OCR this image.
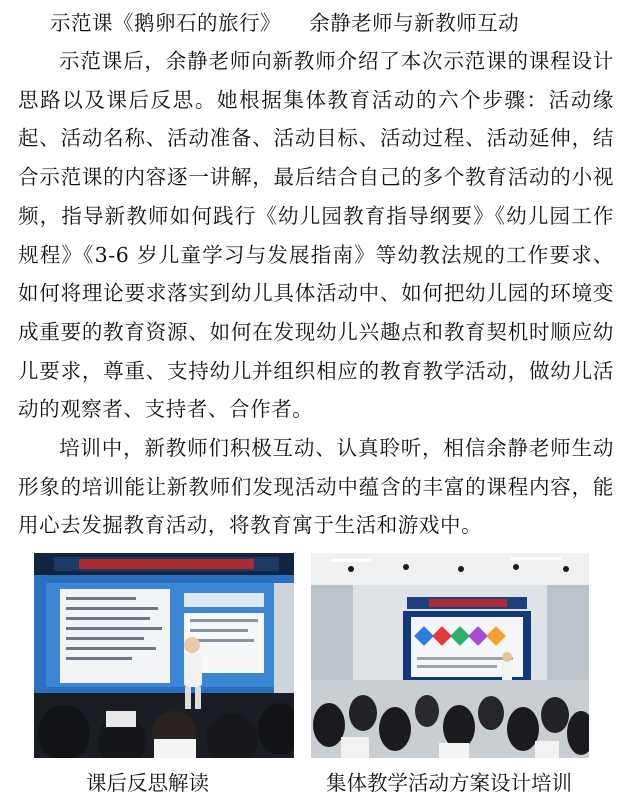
示范课《鹅卵石的旅行》    余静老师与新教师互动

示范课后，余静老师向新教师介绍了本次示范课的课程设计思路以及课后反思。她根据集体教育活动的六个步骤：活动缘起、活动名称、活动准备、活动目标、活动过程、活动延伸，结合示范课的内容逐一讲解，最后结合自己的多个教育活动的小视频，指导新教师如何践行《幼儿园教育指导纲要》《幼儿园工作规程》《3-6 岁儿童学习与发展指南》等幼教法规的工作要求、如何将理论要求落实到幼儿具体活动中、如何把幼儿园的环境变成重要的教育资源、如何在发现幼儿兴趣点和教育契机时顺应幼儿要求，尊重、支持幼儿并组织相应的教育教学活动，做幼儿活动的观察者、支持者、合作者。

培训中，新教师们积极互动、认真聆听，相信余静老师生动形象的培训能让新教师们发现活动中蕴含的丰富的课程内容，能用心去发掘教育活动，将教育寓于生活和游戏中。

课后反思解读	集体教学活动方案设计培训
